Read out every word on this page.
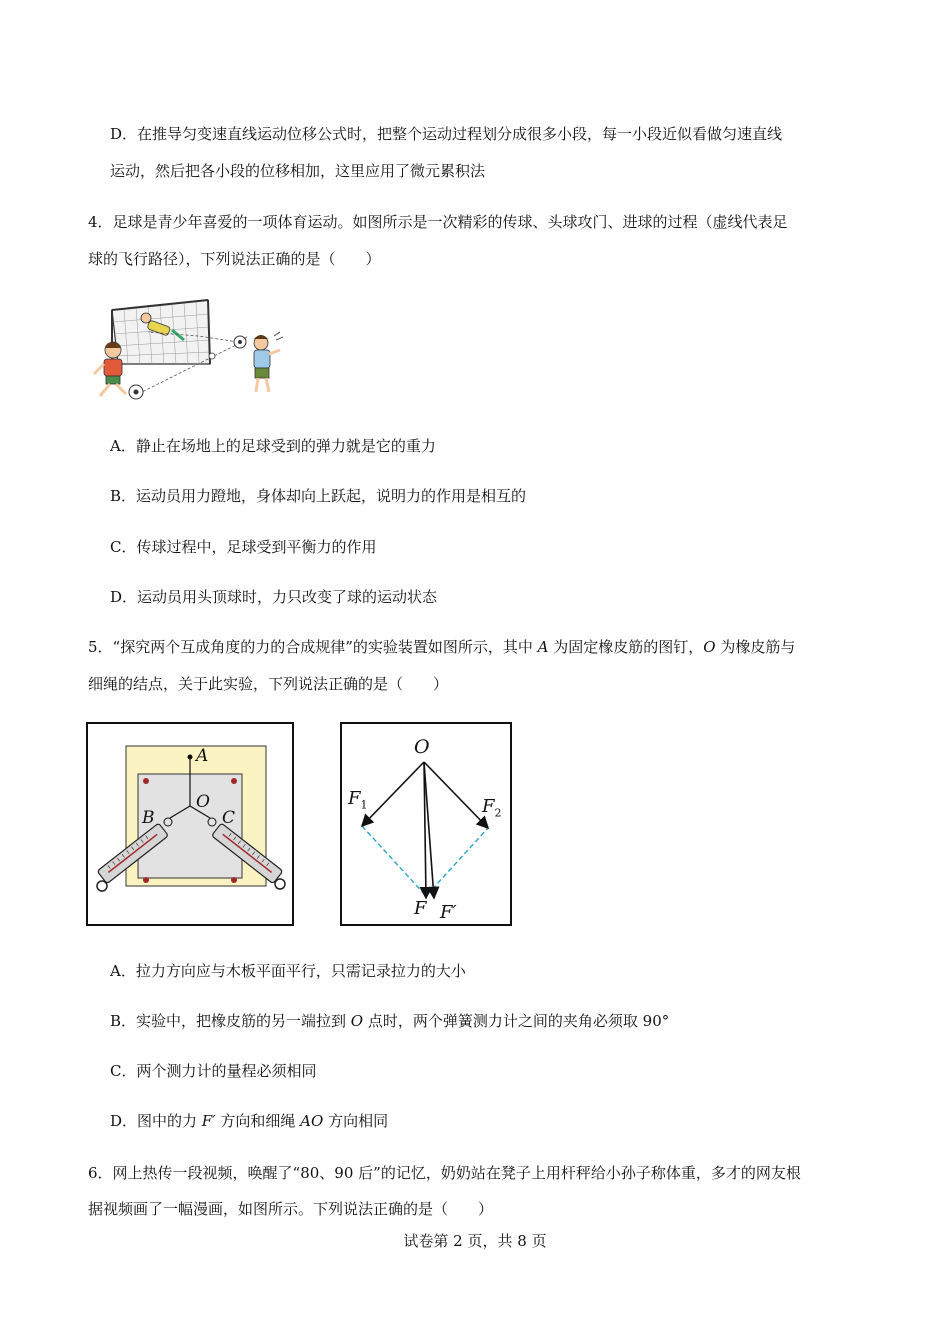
D．在推导匀变速直线运动位移公式时，把整个运动过程划分成很多小段，每一小段近似看做匀速直线
运动，然后把各小段的位移相加，这里应用了微元累积法
4．足球是青少年喜爱的一项体育运动。如图所示是一次精彩的传球、头球攻门、进球的过程（虚线代表足
球的飞行路径），下列说法正确的是（　　）
A．静止在场地上的足球受到的弹力就是它的重力
B．运动员用力蹬地，身体却向上跃起，说明力的作用是相互的
C．传球过程中，足球受到平衡力的作用
D．运动员用头顶球时，力只改变了球的运动状态
5．“探究两个互成角度的力的合成规律”的实验装置如图所示，其中 A 为固定橡皮筋的图钉，O 为橡皮筋与
细绳的结点，关于此实验，下列说法正确的是（　　）
A
O
B	C
O
$F_1$	$F_2$
F F′
A．拉力方向应与木板平面平行，只需记录拉力的大小
B．实验中，把橡皮筋的另一端拉到 O 点时，两个弹簧测力计之间的夹角必须取 90°
C．两个测力计的量程必须相同
D．图中的力 F′ 方向和细绳 AO 方向相同
6．网上热传一段视频，唤醒了“80、90 后”的记忆，奶奶站在凳子上用杆秤给小孙子称体重，多才的网友根
据视频画了一幅漫画，如图所示。下列说法正确的是（　　）
试卷第 2 页，共 8 页
